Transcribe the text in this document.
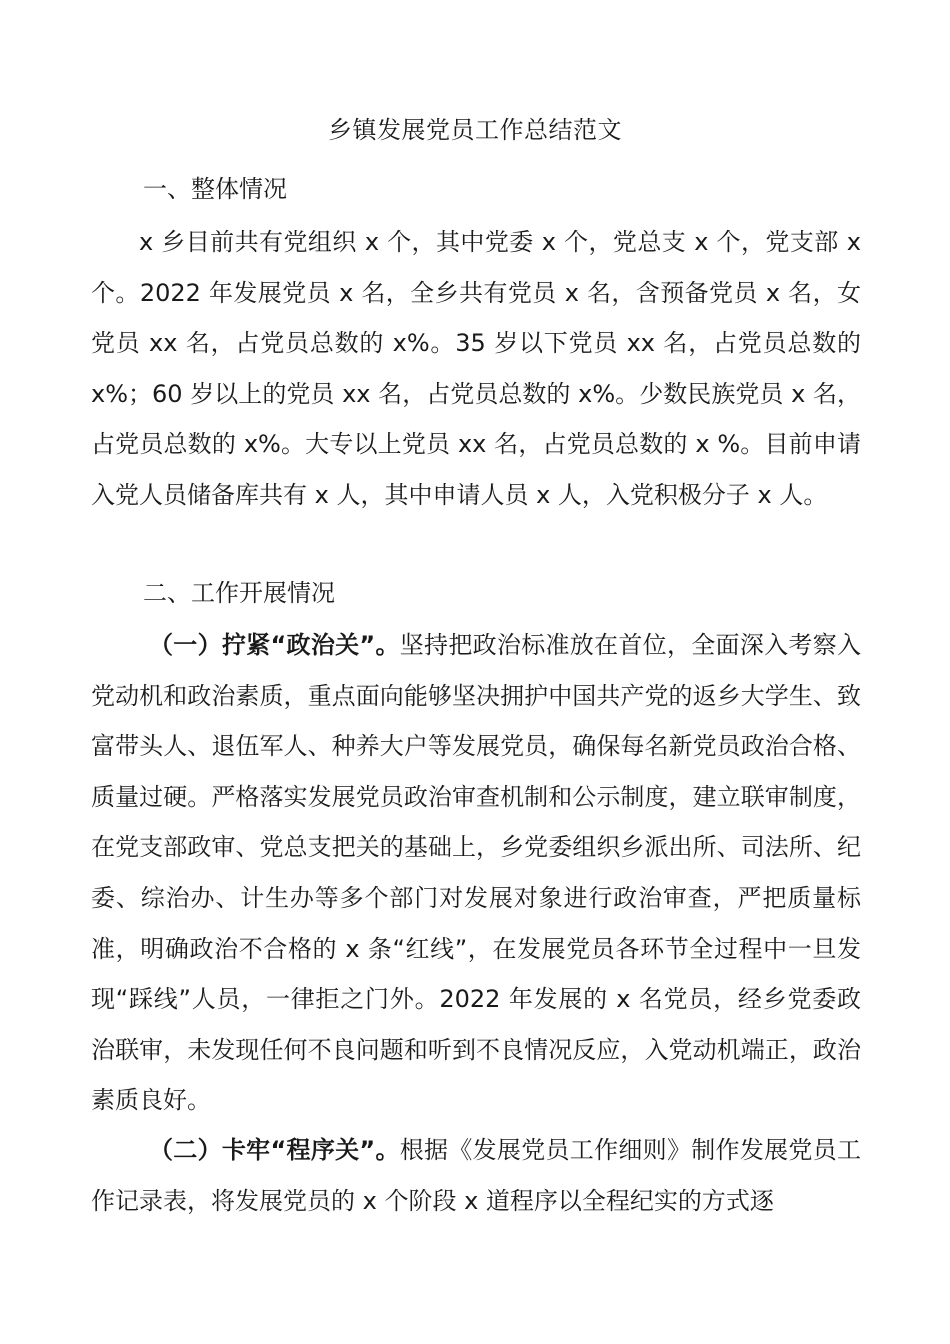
乡镇发展党员工作总结范文
一、整体情况

x 乡目前共有党组织 x 个，其中党委 x 个，党总支 x 个，党支部 x 个。2022 年发展党员 x 名，全乡共有党员 x 名，含预备党员 x 名，女党员 xx 名，占党员总数的 x%。35 岁以下党员 xx 名，占党员总数的 x%；60 岁以上的党员 xx 名，占党员总数的 x%。少数民族党员 x 名，占党员总数的 x%。大专以上党员 xx 名，占党员总数的 x %。目前申请入党人员储备库共有 x 人，其中申请人员 x 人，入党积极分子 x 人。

二、工作开展情况

（一）拧紧“政治关”。坚持把政治标准放在首位，全面深入考察入党动机和政治素质，重点面向能够坚决拥护中国共产党的返乡大学生、致富带头人、退伍军人、种养大户等发展党员，确保每名新党员政治合格、质量过硬。严格落实发展党员政治审查机制和公示制度，建立联审制度，在党支部政审、党总支把关的基础上，乡党委组织乡派出所、司法所、纪委、综治办、计生办等多个部门对发展对象进行政治审查，严把质量标准，明确政治不合格的 x 条“红线”，在发展党员各环节全过程中一旦发现“踩线”人员，一律拒之门外。2022 年发展的 x 名党员，经乡党委政治联审，未发现任何不良问题和听到不良情况反应，入党动机端正，政治素质良好。

（二）卡牢“程序关”。根据《发展党员工作细则》制作发展党员工作记录表，将发展党员的 x 个阶段 x 道程序以全程纪实的方式逐
